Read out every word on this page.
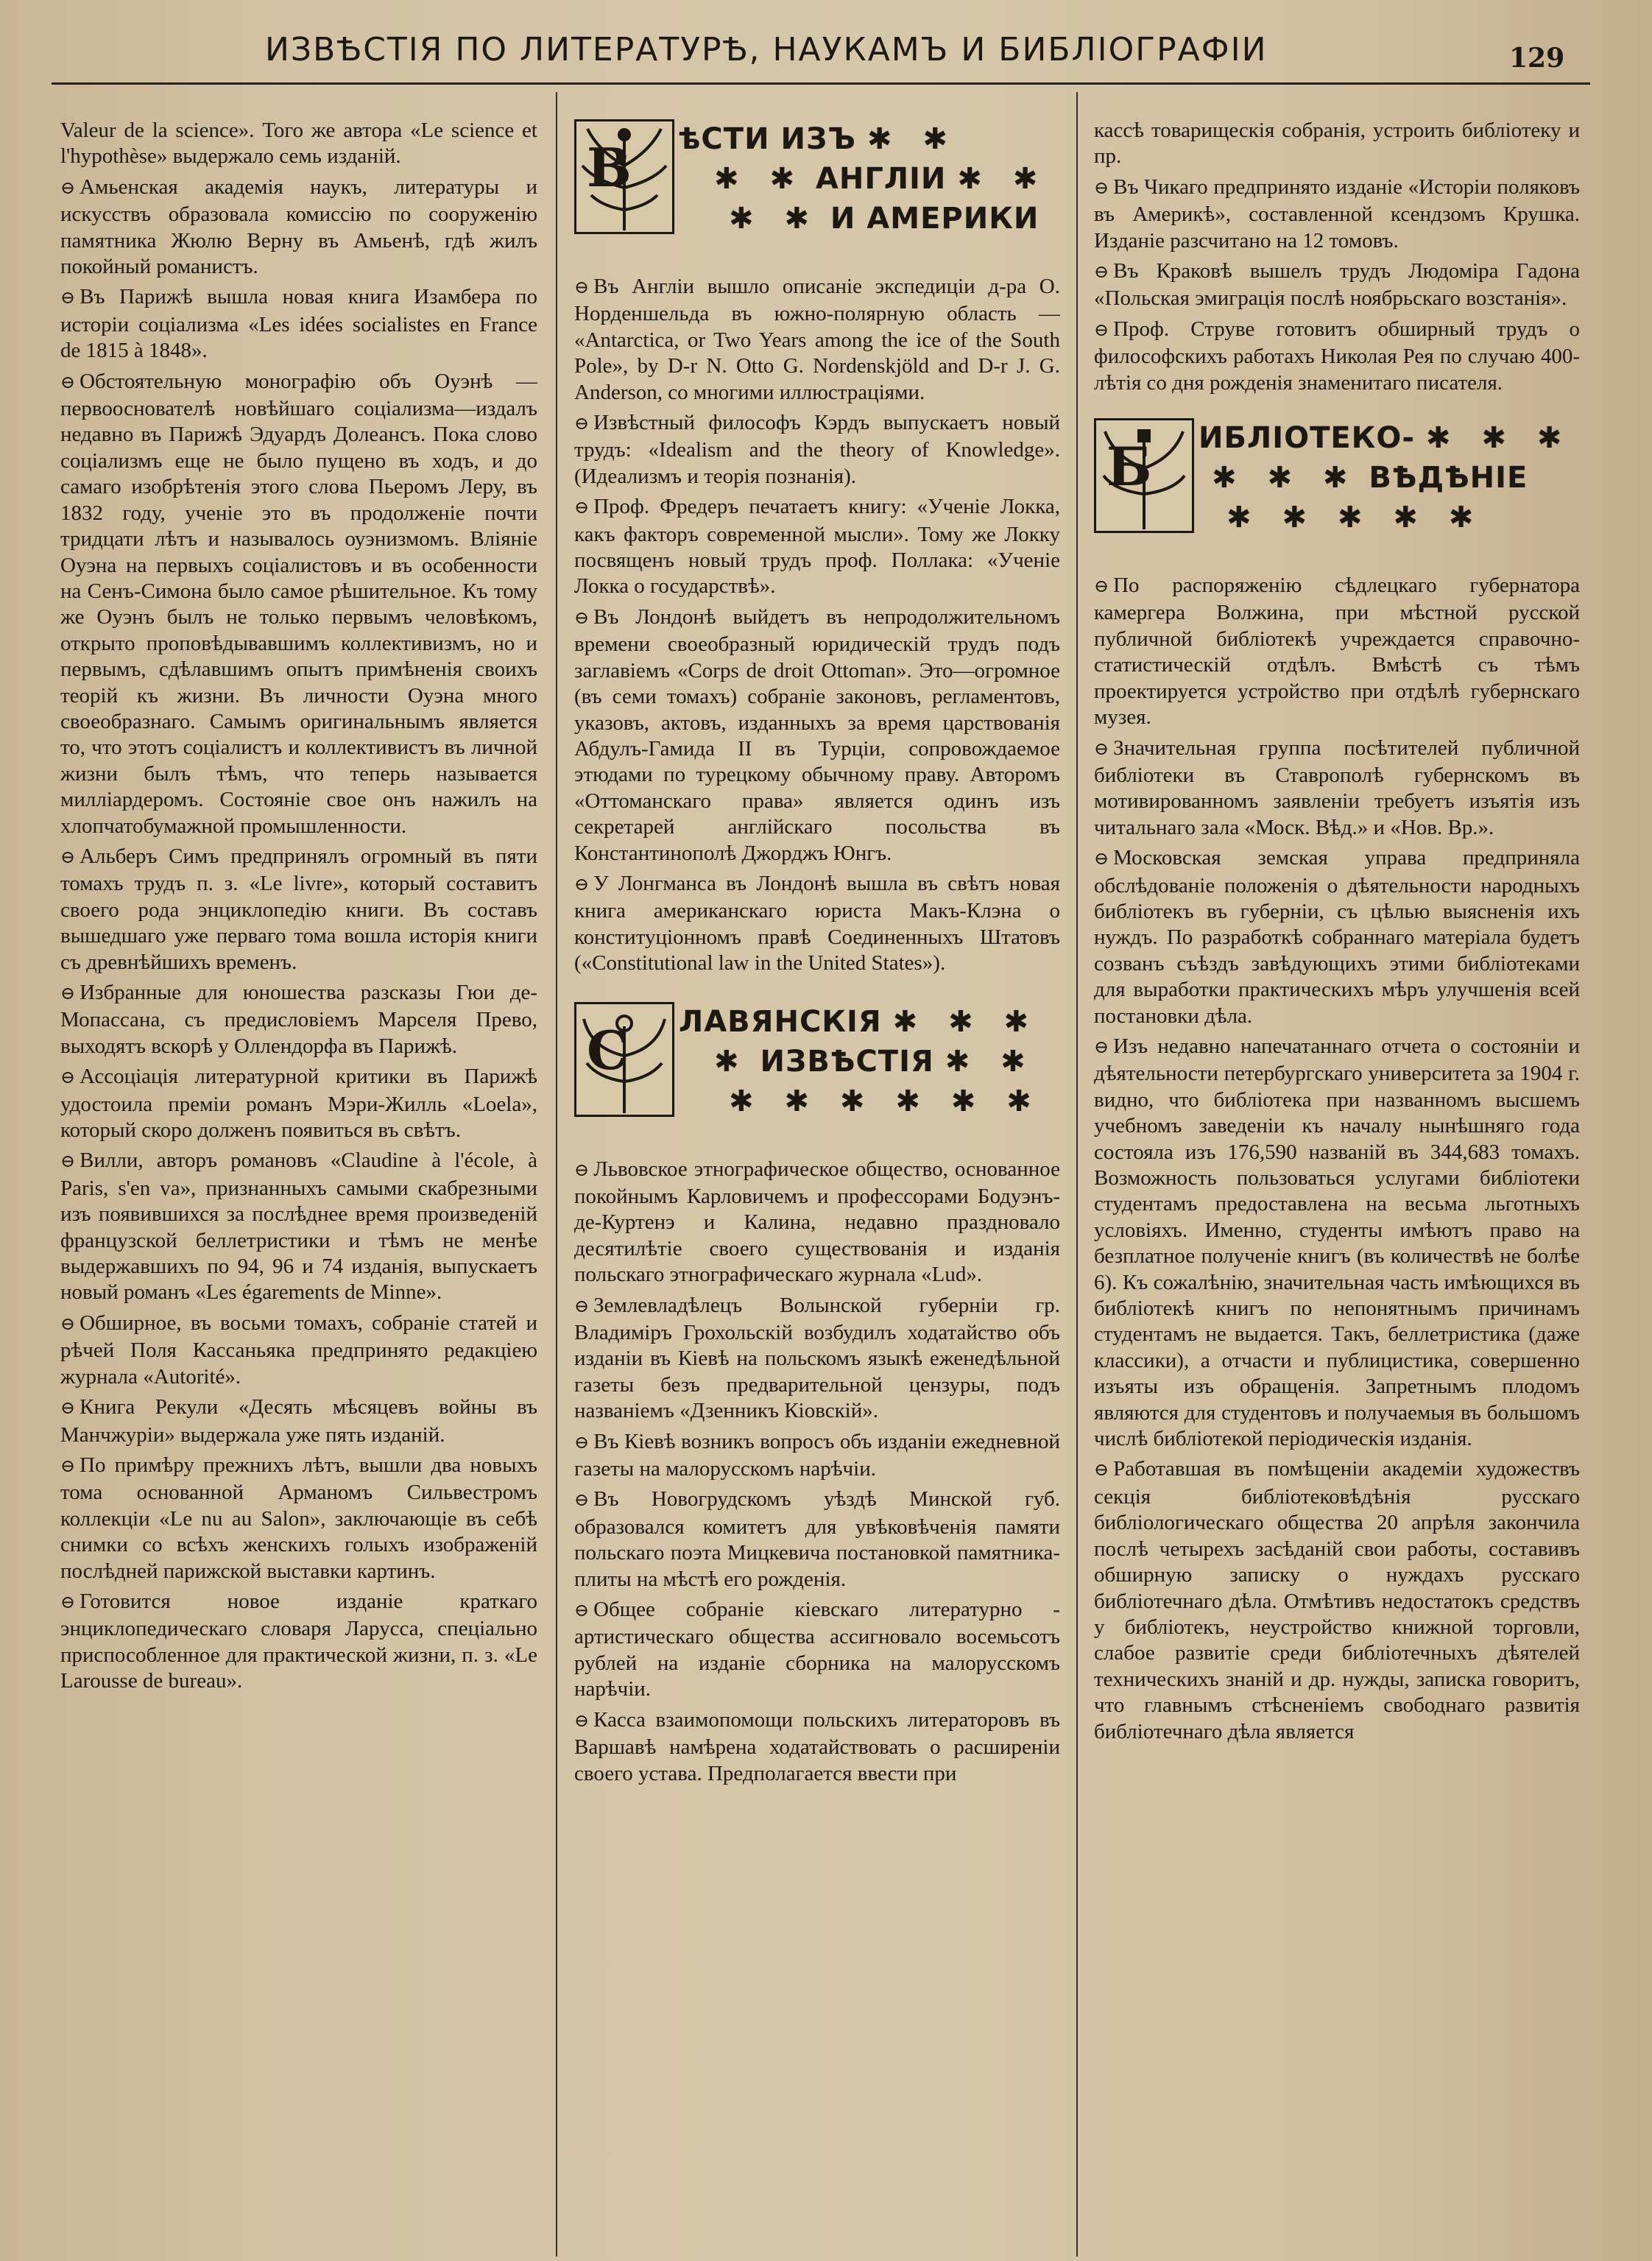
ИЗВѢСТІЯ ПО ЛИТЕРАТУРѢ, НАУКАМЪ И БИБЛІОГРАФІИ	129

Valeur de la science». Того же автора «Le science et l'hypothèse» выдержало семь изданій.

⊖ Амьенская академія наукъ, литературы и искусствъ образовала комиссію по сооруженію памятника Жюлю Верну въ Амьенѣ, гдѣ жилъ покойный романистъ.

⊖ Въ Парижѣ вышла новая книга Изамбера по исторіи соціализма «Les idées socialistes en France de 1815 à 1848».

⊖ Обстоятельную монографію объ Оуэнѣ — первооснователѣ новѣйшаго соціализма—издалъ недавно въ Парижѣ Эдуардъ Долеансъ. Пока слово соціализмъ еще не было пущено въ ходъ, и до самаго изобрѣтенія этого слова Пьеромъ Леру, въ 1832 году, ученіе это въ продолженіе почти тридцати лѣтъ и называлось оуэнизмомъ. Вліяніе Оуэна на первыхъ соціалистовъ и въ особенности на Сенъ-Симона было самое рѣшительное. Къ тому же Оуэнъ былъ не только первымъ человѣкомъ, открыто проповѣдывавшимъ коллективизмъ, но и первымъ, сдѣлавшимъ опытъ примѣненія своихъ теорій къ жизни. Въ личности Оуэна много своеобразнаго. Самымъ оригинальнымъ является то, что этотъ соціалистъ и коллективистъ въ личной жизни былъ тѣмъ, что теперь называется милліардеромъ. Состояніе свое онъ нажилъ на хлопчатобумажной промышленности.

⊖ Альберъ Симъ предпринялъ огромный въ пяти томахъ трудъ п. з. «Le livre», который составитъ своего рода энциклопедію книги. Въ составъ вышедшаго уже перваго тома вошла исторія книги съ древнѣйшихъ временъ.

⊖ Избранные для юношества разсказы Гюи де-Мопассана, съ предисловіемъ Марселя Прево, выходятъ вскорѣ у Оллендорфа въ Парижѣ.

⊖ Ассоціація литературной критики въ Парижѣ удостоила преміи романъ Мэри-Жилль «Loela», который скоро долженъ появиться въ свѣтъ.

⊖ Вилли, авторъ романовъ «Claudine à l'école, à Paris, s'en va», признанныхъ самыми скабрезными изъ появившихся за послѣднее время произведеній французской беллетристики и тѣмъ не менѣе выдержавшихъ по 94, 96 и 74 изданія, выпускаетъ новый романъ «Les égarements de Minne».

⊖ Обширное, въ восьми томахъ, собраніе статей и рѣчей Поля Кассаньяка предпринято редакціею журнала «Autorité».

⊖ Книга Рекули «Десять мѣсяцевъ войны въ Манчжуріи» выдержала уже пять изданій.

⊖ По примѣру прежнихъ лѣтъ, вышли два новыхъ тома основанной Арманомъ Сильвестромъ коллекціи «Le nu au Salon», заключающіе въ себѣ снимки со всѣхъ женскихъ голыхъ изображеній послѣдней парижской выставки картинъ.

⊖ Готовится новое изданіе краткаго энциклопедическаго словаря Ларусса, спеціально приспособленное для практической жизни, п. з. «Le Larousse de bureau».

В ѣСТИ ИЗЪ ✱ ✱
✱ ✱ АНГЛІИ ✱ ✱
✱ ✱ И АМЕРИКИ

⊖ Въ Англіи вышло описаніе экспедиціи д-ра О. Норденшельда въ южно-полярную область — «Antarctica, or Two Years among the ice of the South Pole», by D-r N. Otto G. Nordenskjöld and D-r J. G. Anderson, со многими иллюстраціями.

⊖ Извѣстный философъ Кэрдъ выпускаетъ новый трудъ: «Idealism and the theory of Knowledge». (Идеализмъ и теорія познанія).

⊖ Проф. Фредеръ печатаетъ книгу: «Ученіе Локка, какъ факторъ современной мысли». Тому же Локку посвященъ новый трудъ проф. Поллака: «Ученіе Локка о государствѣ».

⊖ Въ Лондонѣ выйдетъ въ непродолжительномъ времени своеобразный юридическій трудъ подъ заглавіемъ «Corps de droit Ottoman». Это—огромное (въ семи томахъ) собраніе законовъ, регламентовъ, указовъ, актовъ, изданныхъ за время царствованія Абдулъ-Гамида II въ Турціи, сопровождаемое этюдами по турецкому обычному праву. Авторомъ «Оттоманскаго права» является одинъ изъ секретарей англійскаго посольства въ Константинополѣ Джорджъ Юнгъ.

⊖ У Лонгманса въ Лондонѣ вышла въ свѣтъ новая книга американскаго юриста Макъ-Клэна о конституціонномъ правѣ Соединенныхъ Штатовъ («Constitutional law in the United States»).

С ЛАВЯНСКІЯ ✱ ✱ ✱
✱ ИЗВѢСТІЯ ✱ ✱
✱ ✱ ✱ ✱ ✱ ✱

⊖ Львовское этнографическое общество, основанное покойнымъ Карловичемъ и профессорами Бодуэнъ-де-Куртенэ и Калина, недавно праздновало десятилѣтіе своего существованія и изданія польскаго этнографическаго журнала «Lud».

⊖ Землевладѣлецъ Волынской губерніи гр. Владиміръ Грохольскій возбудилъ ходатайство объ изданіи въ Кіевѣ на польскомъ языкѣ еженедѣльной газеты безъ предварительной цензуры, подъ названіемъ «Дзенникъ Кіовскій».

⊖ Въ Кіевѣ возникъ вопросъ объ изданіи ежедневной газеты на малорусскомъ нарѣчіи.

⊖ Въ Новогрудскомъ уѣздѣ Минской губ. образовался комитетъ для увѣковѣченія памяти польскаго поэта Мицкевича постановкой памятника-плиты на мѣстѣ его рожденія.

⊖ Общее собраніе кіевскаго литературно - артистическаго общества ассигновало восемьсотъ рублей на изданіе сборника на малорусскомъ нарѣчіи.

⊖ Касса взаимопомощи польскихъ литераторовъ въ Варшавѣ намѣрена ходатайствовать о расширеніи своего устава. Предполагается ввести при

кассѣ товарищескія собранія, устроить библіотеку и пр.

⊖ Въ Чикаго предпринято изданіе «Исторіи поляковъ въ Америкѣ», составленной ксендзомъ Крушка. Изданіе разсчитано на 12 томовъ.

⊖ Въ Краковѣ вышелъ трудъ Людоміра Гадона «Польская эмиграція послѣ ноябрьскаго возстанія».

⊖ Проф. Струве готовитъ обширный трудъ о философскихъ работахъ Николая Рея по случаю 400-лѣтія со дня рожденія знаменитаго писателя.

Б ИБЛІОТЕКО- ✱ ✱ ✱
✱ ✱ ✱ ВѢДѢНІЕ
✱ ✱ ✱ ✱ ✱

⊖ По распоряженію сѣдлецкаго губернатора камергера Волжина, при мѣстной русской публичной библіотекѣ учреждается справочно-статистическій отдѣлъ. Вмѣстѣ съ тѣмъ проектируется устройство при отдѣлѣ губернскаго музея.

⊖ Значительная группа посѣтителей публичной библіотеки въ Ставрополѣ губернскомъ въ мотивированномъ заявленіи требуетъ изъятія изъ читальнаго зала «Моск. Вѣд.» и «Нов. Вр.».

⊖ Московская земская управа предприняла обслѣдованіе положенія о дѣятельности народныхъ библіотекъ въ губерніи, съ цѣлью выясненія ихъ нуждъ. По разработкѣ собраннаго матеріала будетъ созванъ съѣздъ завѣдующихъ этими библіотеками для выработки практическихъ мѣръ улучшенія всей постановки дѣла.

⊖ Изъ недавно напечатаннаго отчета о состояніи и дѣятельности петербургскаго университета за 1904 г. видно, что библіотека при названномъ высшемъ учебномъ заведеніи къ началу нынѣшняго года состояла изъ 176,590 названій въ 344,683 томахъ. Возможность пользоваться услугами библіотеки студентамъ предоставлена на весьма льготныхъ условіяхъ. Именно, студенты имѣютъ право на безплатное полученіе книгъ (въ количествѣ не болѣе 6). Къ сожалѣнію, значительная часть имѣющихся въ библіотекѣ книгъ по непонятнымъ причинамъ студентамъ не выдается. Такъ, беллетристика (даже классики), а отчасти и публицистика, совершенно изъяты изъ обращенія. Запретнымъ плодомъ являются для студентовъ и получаемыя въ большомъ числѣ библіотекой періодическія изданія.

⊖ Работавшая въ помѣщеніи академіи художествъ секція библіотековѣдѣнія русскаго библіологическаго общества 20 апрѣля закончила послѣ четырехъ засѣданій свои работы, составивъ обширную записку о нуждахъ русскаго библіотечнаго дѣла. Отмѣтивъ недостатокъ средствъ у библіотекъ, неустройство книжной торговли, слабое развитіе среди библіотечныхъ дѣятелей техническихъ знаній и др. нужды, записка говоритъ, что главнымъ стѣсненіемъ свободнаго развитія библіотечнаго дѣла является
